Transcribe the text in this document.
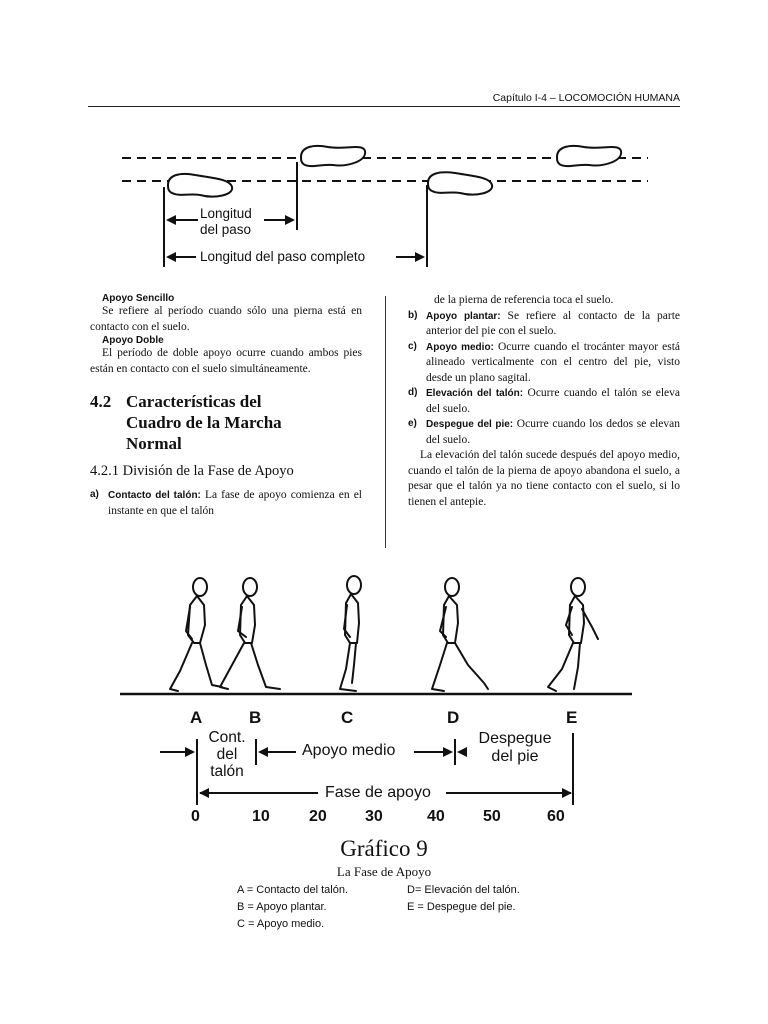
Capítulo I-4 – LOCOMOCIÓN HUMANA
Longitud
del paso
Longitud del paso completo
Apoyo Sencillo

Se refiere al período cuando sólo una pierna está en contacto con el suelo.

Apoyo Doble

El período de doble apoyo ocurre cuando ambos pies están en contacto con el suelo simultáneamente.

4.2 Características del
Cuadro de la Marcha
Normal
4.2.1 División de la Fase de Apoyo
a) Contacto del talón: La fase de apoyo comienza en el instante en que el talón

de la pierna de referencia toca el suelo.

b) Apoyo plantar: Se refiere al contacto de la parte anterior del pie con el suelo.

c) Apoyo medio: Ocurre cuando el trocánter mayor está alineado verticalmente con el centro del pie, visto desde un plano sagital.

d) Elevación del talón: Ocurre cuando el talón se eleva del suelo.

e) Despegue del pie: Ocurre cuando los dedos se elevan del suelo.

La elevación del talón sucede después del apoyo medio, cuando el talón de la pierna de apoyo abandona el suelo, a pesar que el talón ya no tiene contacto con el suelo, si lo tienen el antepie.

A	B	C	D	E
Cont.
del
talón
Apoyo medio
Despegue
del pie
Fase de apoyo
0	10 20 30	40 50	60
Gráfico 9
La Fase de Apoyo
A = Contacto del talón.
B = Apoyo plantar.
C = Apoyo medio.
D= Elevación del talón.
E = Despegue del pie.
